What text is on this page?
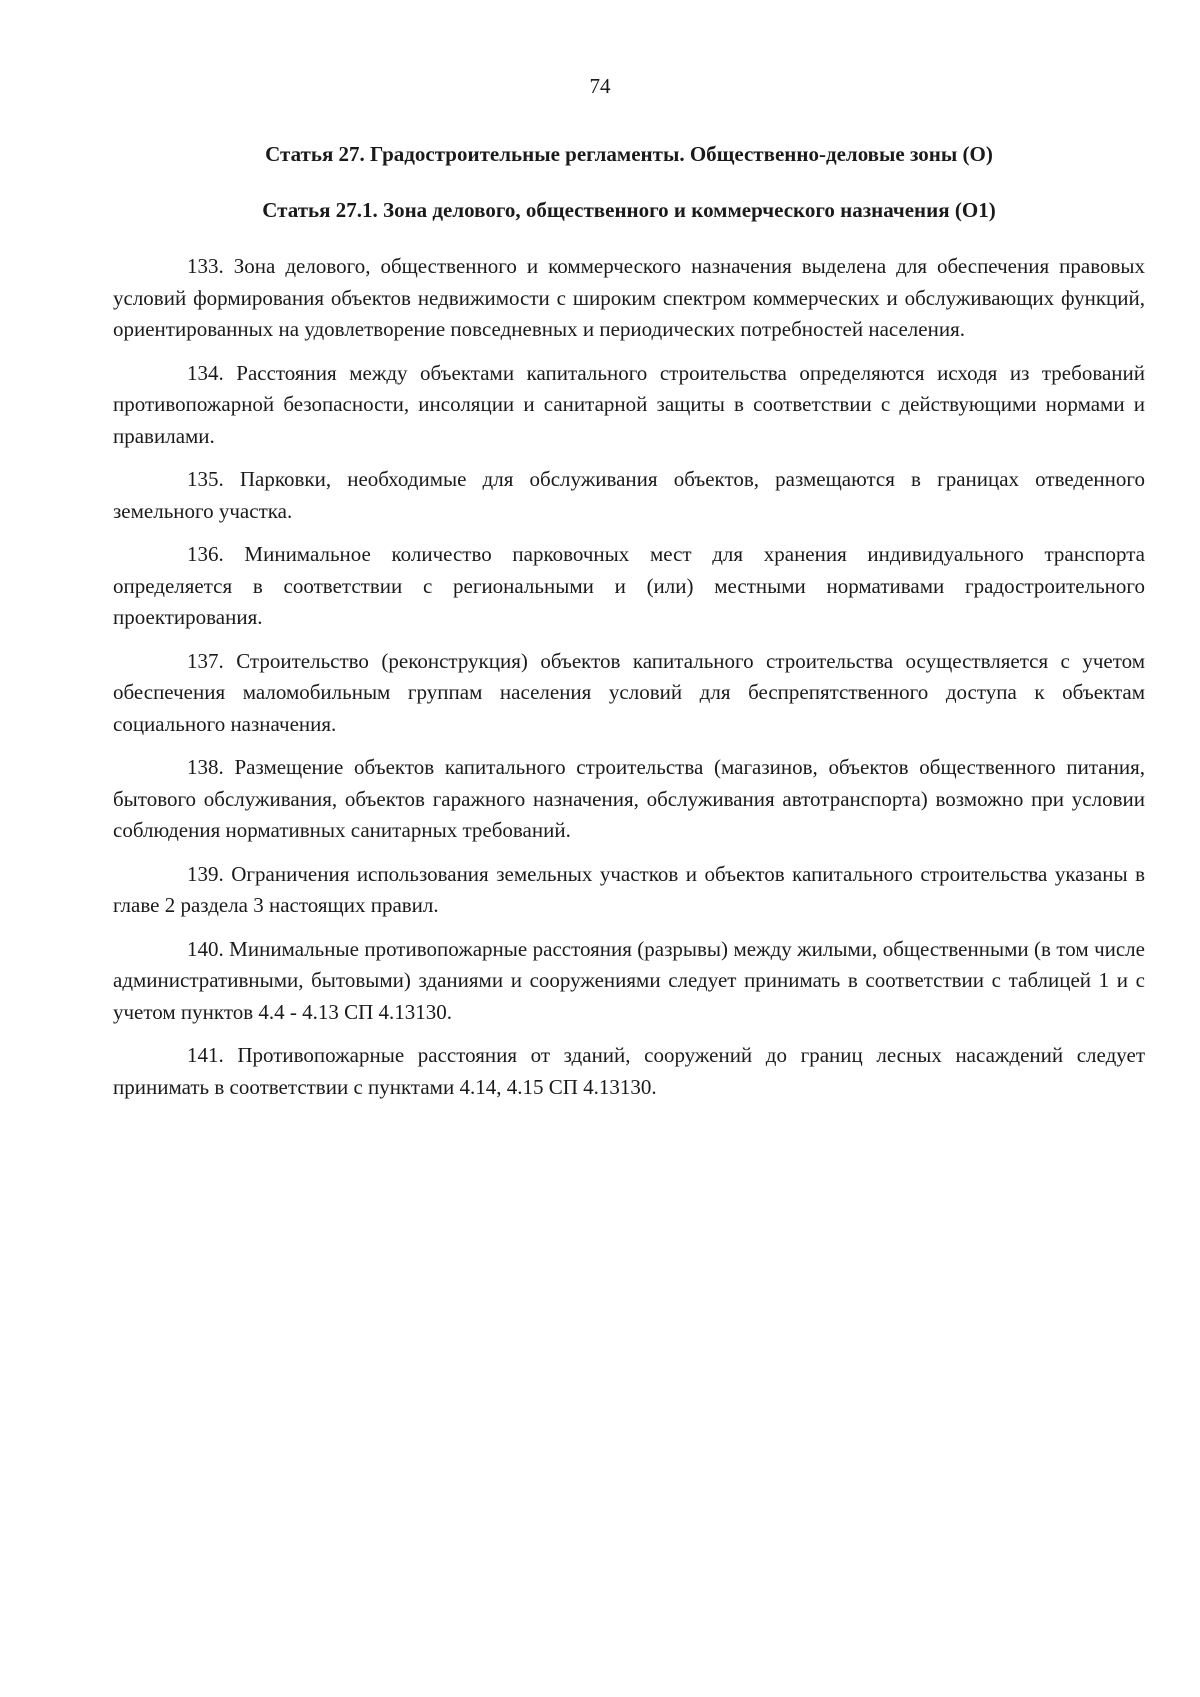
74
Статья 27. Градостроительные регламенты. Общественно-деловые зоны (О)
Статья 27.1. Зона делового, общественного и коммерческого назначения (О1)

133. Зона делового, общественного и коммерческого назначения выделена для обеспечения правовых условий формирования объектов недвижимости с широким спектром коммерческих и обслуживающих функций, ориентированных на удовлетворение повседневных и периодических потребностей населения.

134. Расстояния между объектами капитального строительства определяются исходя из требований противопожарной безопасности, инсоляции и санитарной защиты в соответствии с действующими нормами и правилами.

135. Парковки, необходимые для обслуживания объектов, размещаются в границах отведенного земельного участка.

136. Минимальное количество парковочных мест для хранения индивидуального транспорта определяется в соответствии с региональными и (или) местными нормативами градостроительного проектирования.

137. Строительство (реконструкция) объектов капитального строительства осуществляется с учетом обеспечения маломобильным группам населения условий для беспрепятственного доступа к объектам социального назначения.

138. Размещение объектов капитального строительства (магазинов, объектов общественного питания, бытового обслуживания, объектов гаражного назначения, обслуживания автотранспорта) возможно при условии соблюдения нормативных санитарных требований.

139. Ограничения использования земельных участков и объектов капитального строительства указаны в главе 2 раздела 3 настоящих правил.

140. Минимальные противопожарные расстояния (разрывы) между жилыми, общественными (в том числе административными, бытовыми) зданиями и сооружениями следует принимать в соответствии с таблицей 1 и с учетом пунктов 4.4 - 4.13 СП 4.13130.

141. Противопожарные расстояния от зданий, сооружений до границ лесных насаждений следует принимать в соответствии с пунктами 4.14, 4.15 СП 4.13130.
